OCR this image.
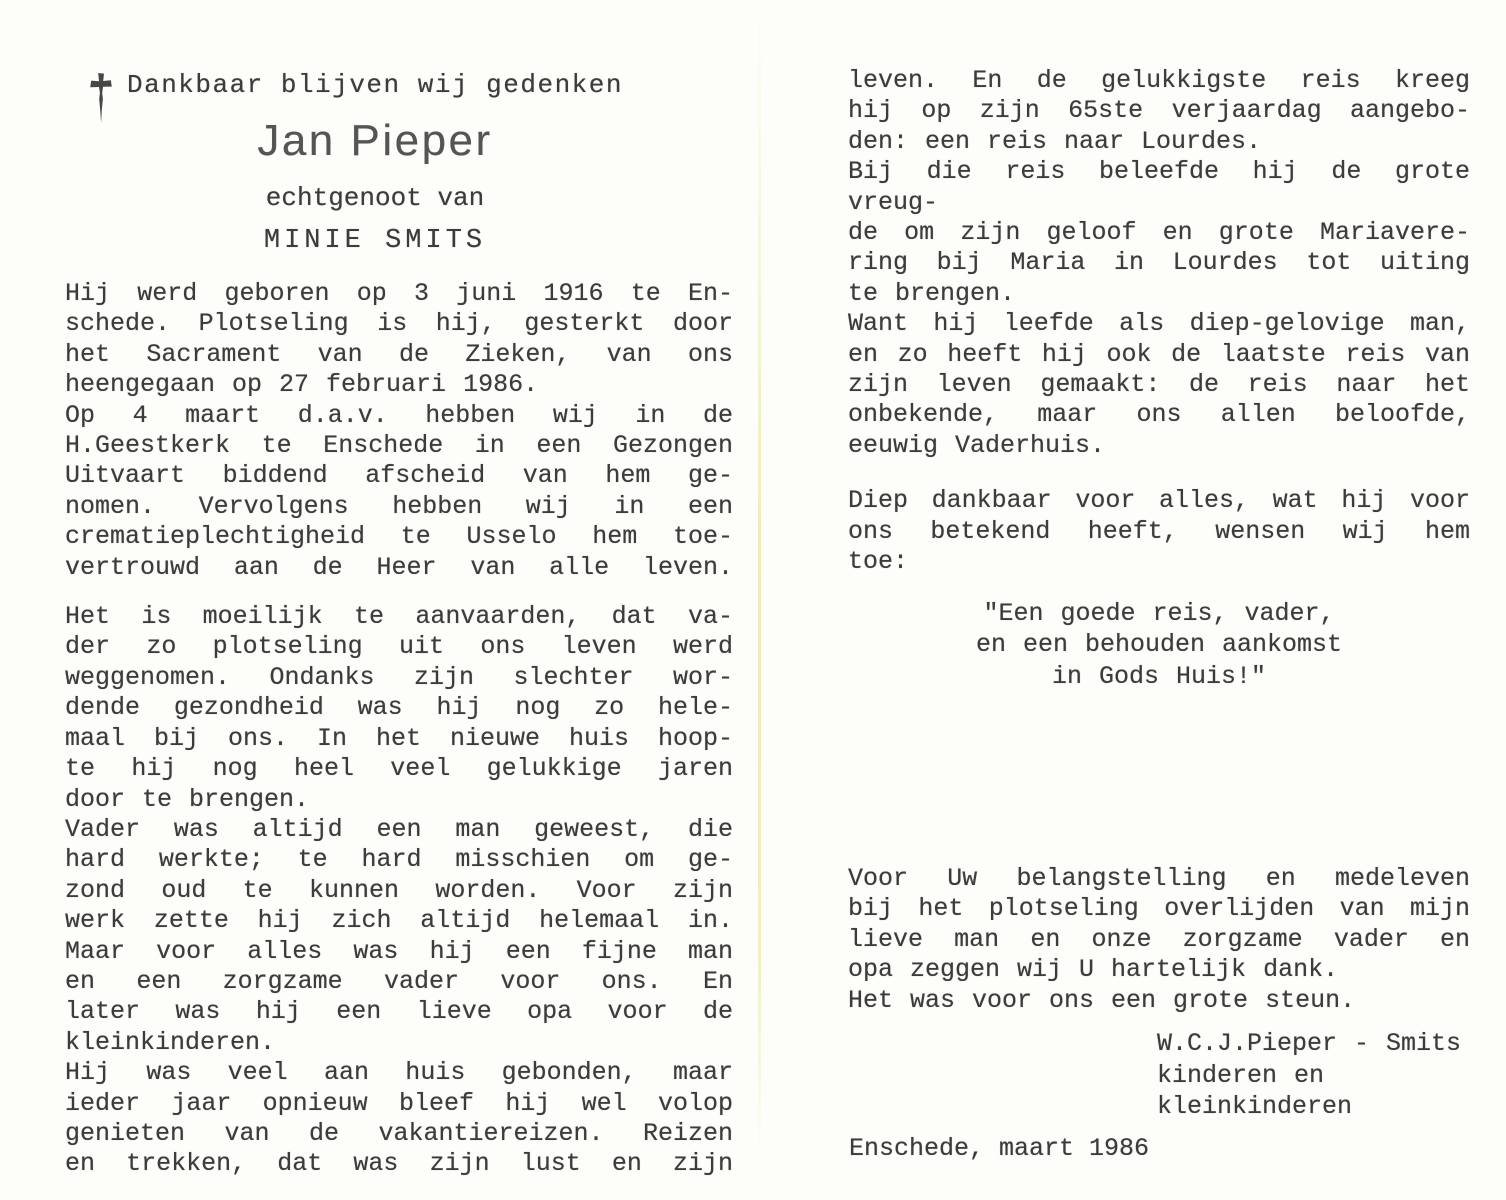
Dankbaar blijven wij gedenken
Jan Pieper
echtgenoot van
MINIE SMITS
Hij werd geboren op 3 juni 1916 te En-
schede. Plotseling is hij, gesterkt door
het Sacrament van de Zieken, van ons
heengegaan op 27 februari 1986.
Op 4 maart d.a.v. hebben wij in de
H.Geestkerk te Enschede in een Gezongen
Uitvaart biddend afscheid van hem ge-
nomen. Vervolgens hebben wij in een
crematieplechtigheid te Usselo hem toe-
vertrouwd aan de Heer van alle leven.
Het is moeilijk te aanvaarden, dat va-
der zo plotseling uit ons leven werd
weggenomen. Ondanks zijn slechter wor-
dende gezondheid was hij nog zo hele-
maal bij ons. In het nieuwe huis hoop-
te hij nog heel veel gelukkige jaren
door te brengen.
Vader was altijd een man geweest, die
hard werkte; te hard misschien om ge-
zond oud te kunnen worden. Voor zijn
werk zette hij zich altijd helemaal in.
Maar voor alles was hij een fijne man
en een zorgzame vader voor ons. En
later was hij een lieve opa voor de
kleinkinderen.
Hij was veel aan huis gebonden, maar
ieder jaar opnieuw bleef hij wel volop
genieten van de vakantiereizen. Reizen
en trekken, dat was zijn lust en zijn
leven. En de gelukkigste reis kreeg
hij op zijn 65ste verjaardag aangebo-
den: een reis naar Lourdes.
Bij die reis beleefde hij de grote vreug-
de om zijn geloof en grote Mariavere-
ring bij Maria in Lourdes tot uiting
te brengen.
Want hij leefde als diep-gelovige man,
en zo heeft hij ook de laatste reis van
zijn leven gemaakt: de reis naar het
onbekende, maar ons allen beloofde,
eeuwig Vaderhuis.
Diep dankbaar voor alles, wat hij voor
ons betekend heeft, wensen wij hem
toe:
"Een goede reis, vader,
en een behouden aankomst
in Gods Huis!"
Voor Uw belangstelling en medeleven
bij het plotseling overlijden van mijn
lieve man en onze zorgzame vader en
opa zeggen wij U hartelijk dank.
Het was voor ons een grote steun.
W.C.J.Pieper - Smits
kinderen en
kleinkinderen
Enschede, maart 1986
